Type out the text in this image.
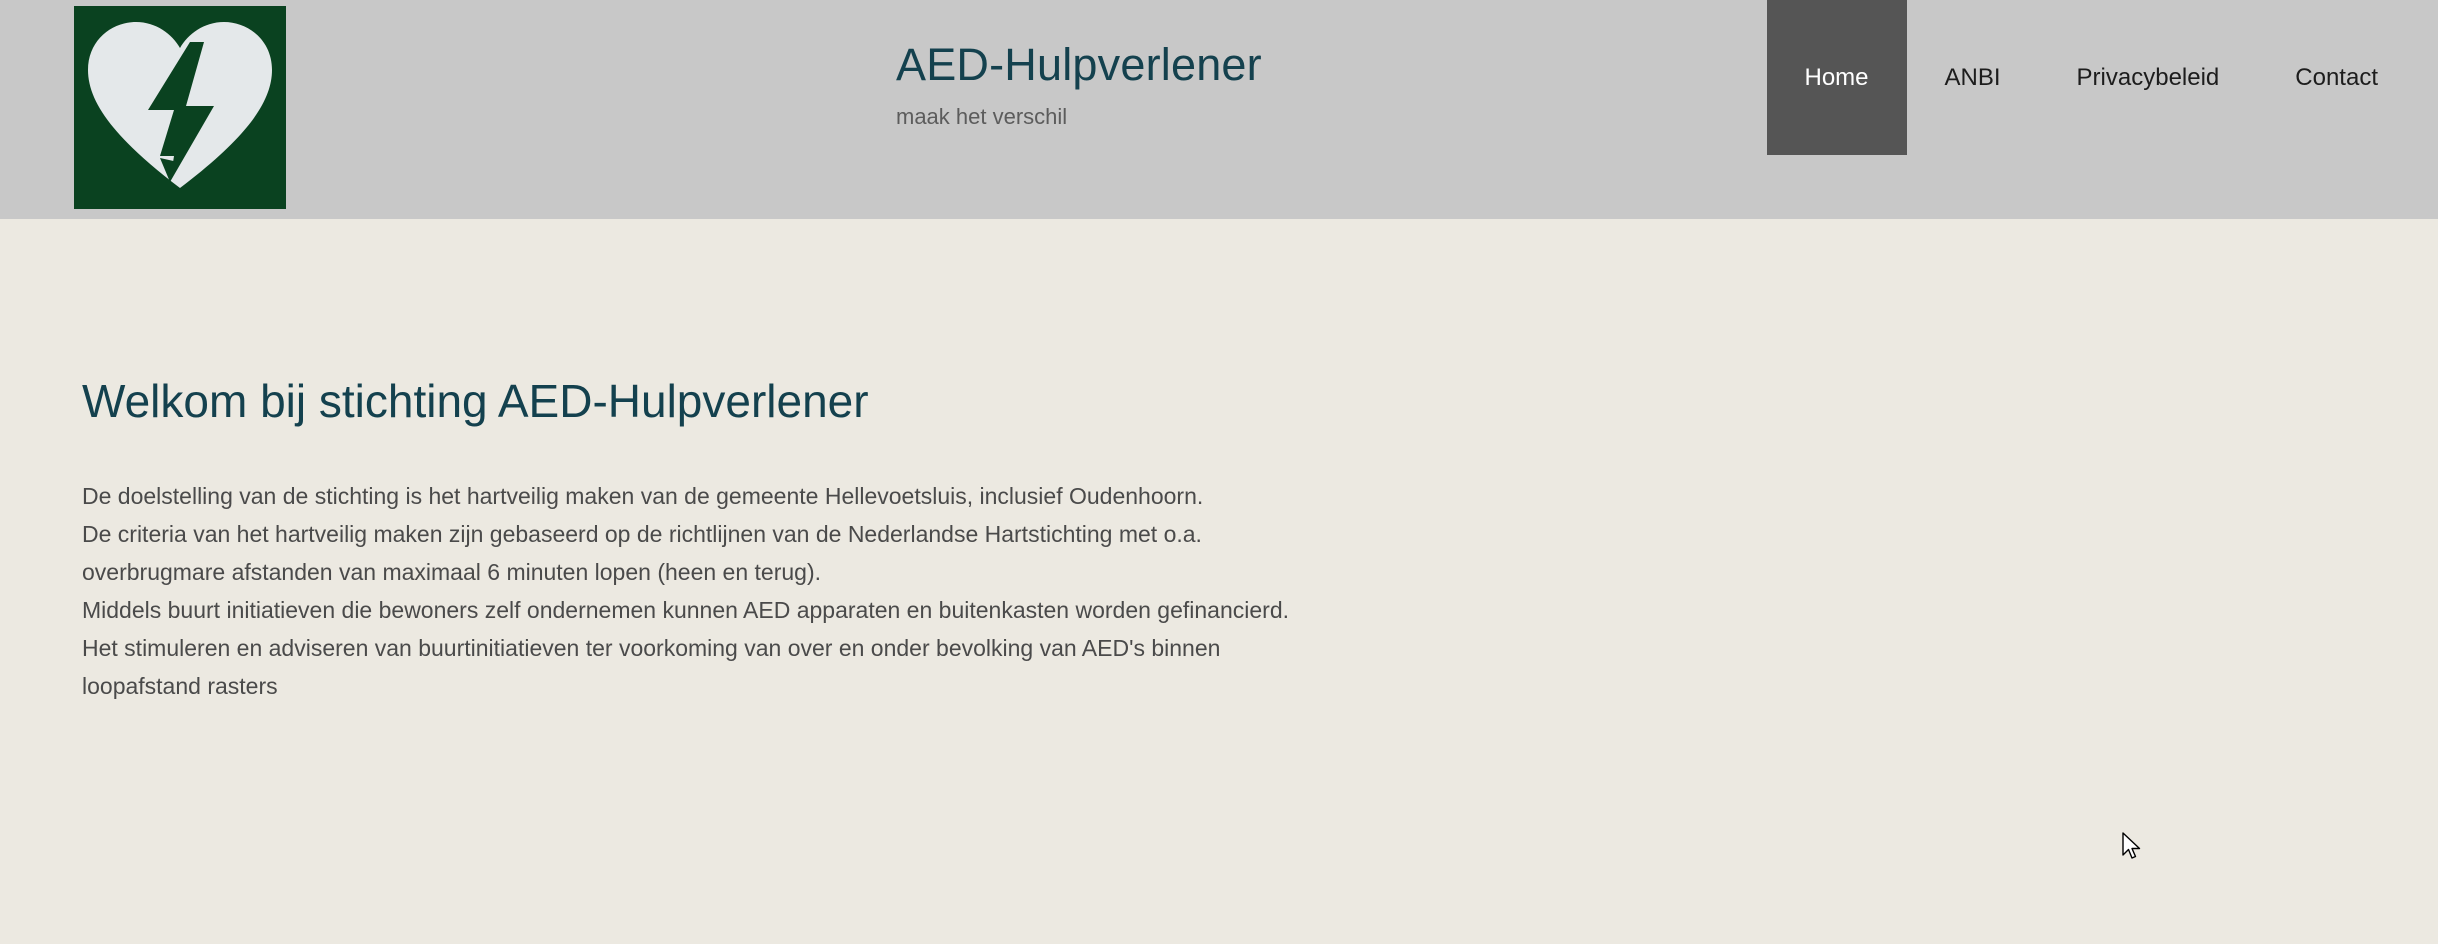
AED-Hulpverlener
maak het verschil
Home	ANBI	Privacybeleid	Contact
Welkom bij stichting AED-Hulpverlener

De doelstelling van de stichting is het hartveilig maken van de gemeente Hellevoetsluis, inclusief Oudenhoorn.

De criteria van het hartveilig maken zijn gebaseerd op de richtlijnen van de Nederlandse Hartstichting met o.a.

overbrugmare afstanden van maximaal 6 minuten lopen (heen en terug).

Middels buurt initiatieven die bewoners zelf ondernemen kunnen AED apparaten en buitenkasten worden gefinancierd.

Het stimuleren en adviseren van buurtinitiatieven ter voorkoming van over en onder bevolking van AED's binnen

loopafstand rasters
